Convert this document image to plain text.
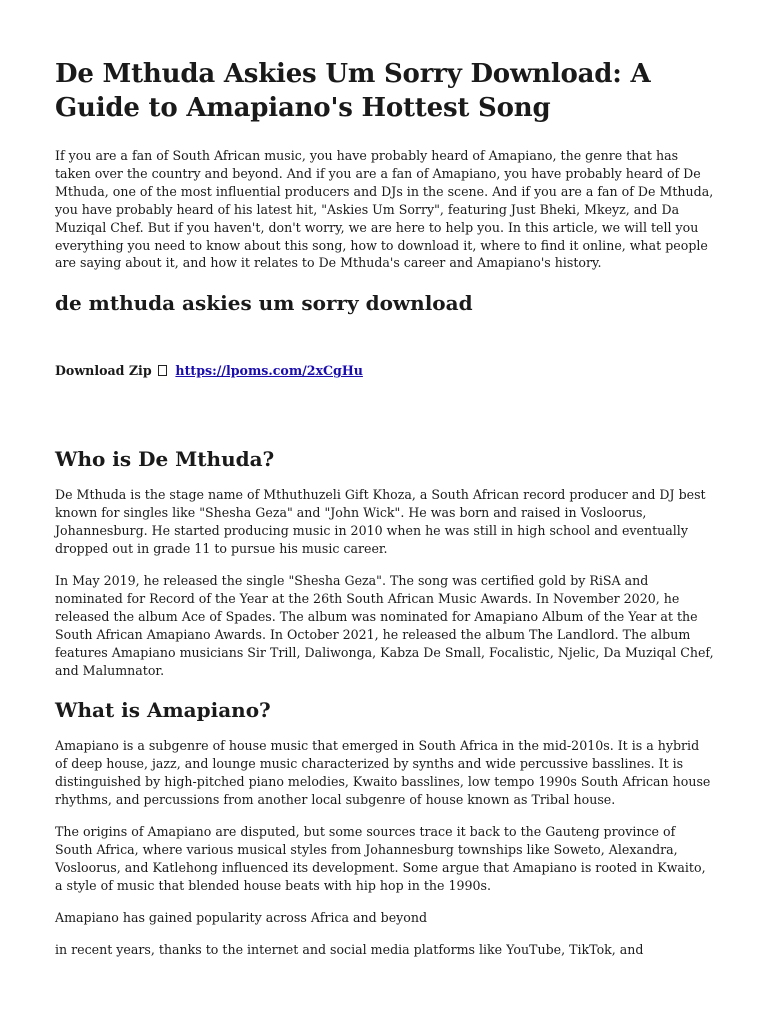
De Mthuda Askies Um Sorry Download: A Guide to Amapiano's Hottest Song

If you are a fan of South African music, you have probably heard of Amapiano, the genre that has taken over the country and beyond. And if you are a fan of Amapiano, you have probably heard of De Mthuda, one of the most influential producers and DJs in the scene. And if you are a fan of De Mthuda, you have probably heard of his latest hit, "Askies Um Sorry", featuring Just Bheki, Mkeyz, and Da Muziqal Chef. But if you haven't, don't worry, we are here to help you. In this article, we will tell you everything you need to know about this song, how to download it, where to find it online, what people are saying about it, and how it relates to De Mthuda's career and Amapiano's history.

de mthuda askies um sorry download
Download Zip https://lpoms.com/2xCgHu
Who is De Mthuda?

De Mthuda is the stage name of Mthuthuzeli Gift Khoza, a South African record producer and DJ best known for singles like "Shesha Geza" and "John Wick". He was born and raised in Vosloorus, Johannesburg. He started producing music in 2010 when he was still in high school and eventually dropped out in grade 11 to pursue his music career.

In May 2019, he released the single "Shesha Geza". The song was certified gold by RiSA and nominated for Record of the Year at the 26th South African Music Awards. In November 2020, he released the album Ace of Spades. The album was nominated for Amapiano Album of the Year at the South African Amapiano Awards. In October 2021, he released the album The Landlord. The album features Amapiano musicians Sir Trill, Daliwonga, Kabza De Small, Focalistic, Njelic, Da Muziqal Chef, and Malumnator.

What is Amapiano?

Amapiano is a subgenre of house music that emerged in South Africa in the mid-2010s. It is a hybrid of deep house, jazz, and lounge music characterized by synths and wide percussive basslines. It is distinguished by high-pitched piano melodies, Kwaito basslines, low tempo 1990s South African house rhythms, and percussions from another local subgenre of house known as Tribal house.

The origins of Amapiano are disputed, but some sources trace it back to the Gauteng province of South Africa, where various musical styles from Johannesburg townships like Soweto, Alexandra, Vosloorus, and Katlehong influenced its development. Some argue that Amapiano is rooted in Kwaito, a style of music that blended house beats with hip hop in the 1990s.

Amapiano has gained popularity across Africa and beyond

in recent years, thanks to the internet and social media platforms like YouTube, TikTok, and
